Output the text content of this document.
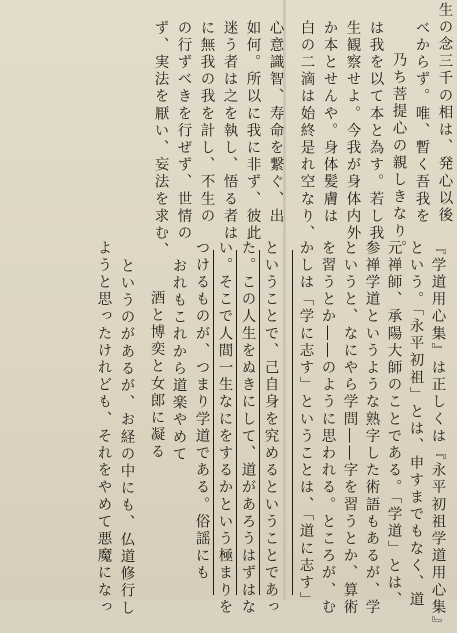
生の念三千の相は、発心以後
べからず。唯、暫く吾我を
乃ち菩提心の親しきなり。
は我を以て本と為す。若し我
生観察せよ。今我が身体内外
か本とせんや。身体髪膚は
白の二滴は始終是れ空なり、
心意識智、寿命を繋ぐ、出
如何。所以に我に非ず、彼此
迷う者は之を執し、悟る者は
に無我の我を計し、不生の
の行ずべきを行ぜず、世情の
ず、実法を厭い、妄法を求む、
『学道用心集』は正しくは『永平初祖学道用心集』
という。「永平初祖」とは、申すまでもなく、道
元禅師、承陽大師のことである。「学道」とは、
参禅学道というような熟字した術語もあるが、学
というと、なにやら学問――字を習うとか、算術
を習うとか――のように思われる。ところが、む
かしは「学に志す」ということは、「道に志す」
ということで、己自身を究めるということであっ
た。この人生をぬきにして、道があろうはずはな
い。そこで人間一生なにをするかという極まりを
つけるものが、つまり学道である。俗謡にも
おれもこれから道楽やめて
酒と博奕と女郎に凝る
というのがあるが、お経の中にも、仏道修行し
ようと思ったけれども、それをやめて悪魔になっ
